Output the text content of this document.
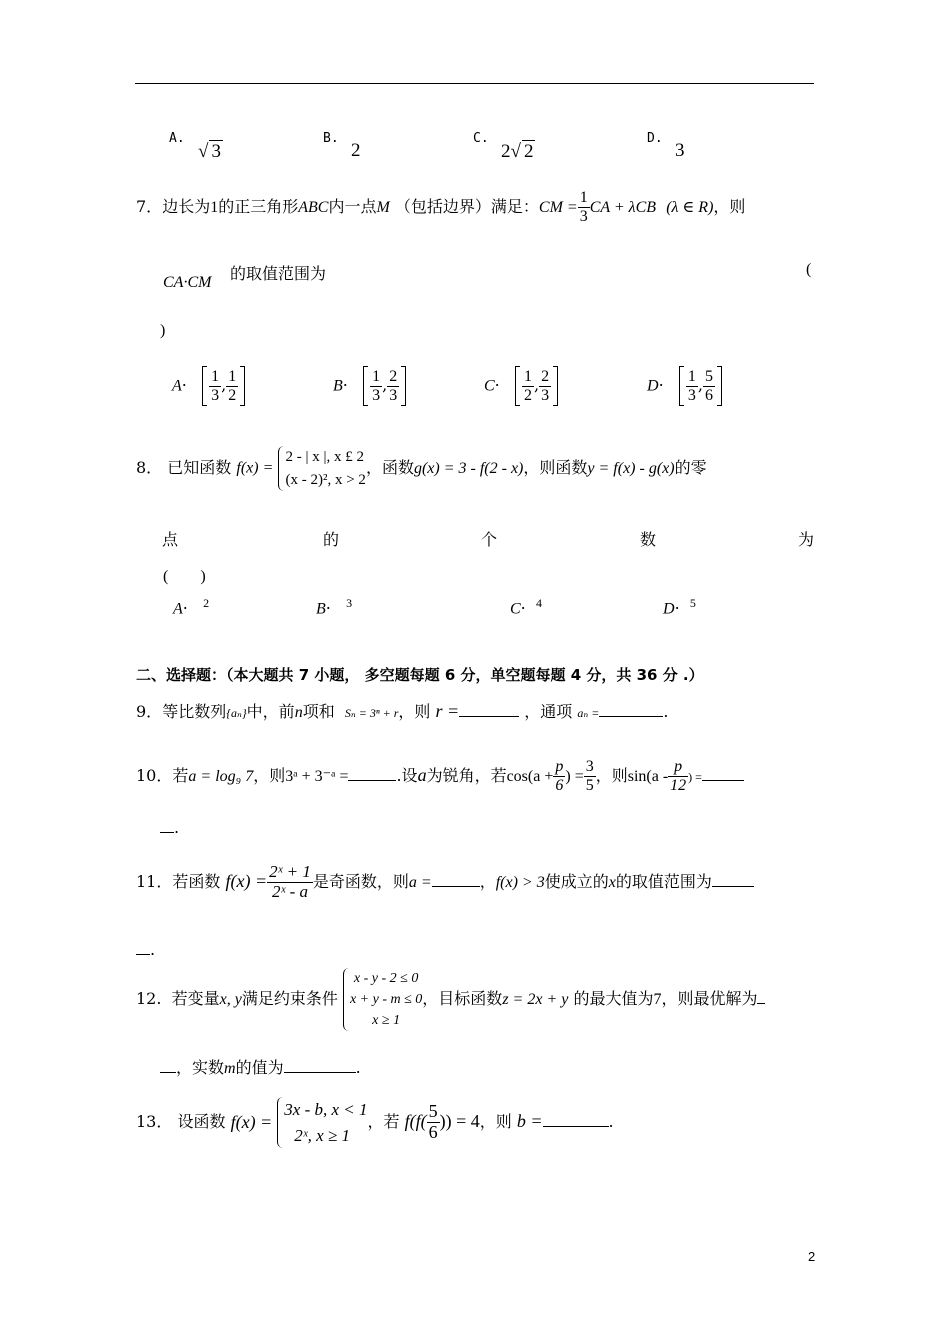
A.
√ 3
B.
2
C.
2√ 2
D.
3
7．边长为1的正三角形ABC内一点M （包括边界）满足：CM = $\frac{1}{3}$ CA + λCB (λ ∈ R)，则
CA·CM 的取值范围为	(
)
$A\cdot \frac{1}{3}$ , $\frac{1}{2}$	$B\cdot \frac{1}{3}$ , $\frac{2}{3}$	$C\cdot \frac{1}{2}$ , $\frac{2}{3}$	$D\cdot \frac{1}{3}$ , $\frac{5}{6}$
8． 已知函数 f(x) =
2 - | x |, x £ 2
(x - 2)², x > 2
，函数g(x) = 3 - f(2 - x)，则函数y = f(x) - g(x)的零
点	的	个	数	为
(　　)
A·   $^2$	B·   $^3$	C·  $^4$	D·  $^5$
二、选择题：（本大题共 7 小题， 多空题每题 6 分，单空题每题 4 分，共 36 分 .）
9．等比数列{aₙ}中，前n项和 Sₙ = 3ⁿ + r，则 r =	，通项 aₙ =	.
10．若a = log₉ 7，则3ᵃ + 3⁻ᵃ =	.设a为锐角，若$\cos(a + \frac{p}{6}$ ) = $\frac{3}{5}$ ，则$\sin(a - \frac{p}{12}$ ) =
.
11．若函数 $f(x) = \frac{\text{2ˣ + 1}}{\text{2ˣ - a}}$ 是奇函数，则a =	，f(x) > 3使成立的x的取值范围为
.
12. 若变量x, y满足约束条件
x - y - 2 ≤ 0
x + y - m ≤ 0
x ≥ 1
，目标函数z = 2x + y 的最大值为7，则最优解为
，实数m的值为	.
13． 设函数 f(x) =
3x - b, x < 1
2ˣ, x ≥ 1
，若 $f(f( \frac{5}{6}$ )) = 4，则 b =	.
2
